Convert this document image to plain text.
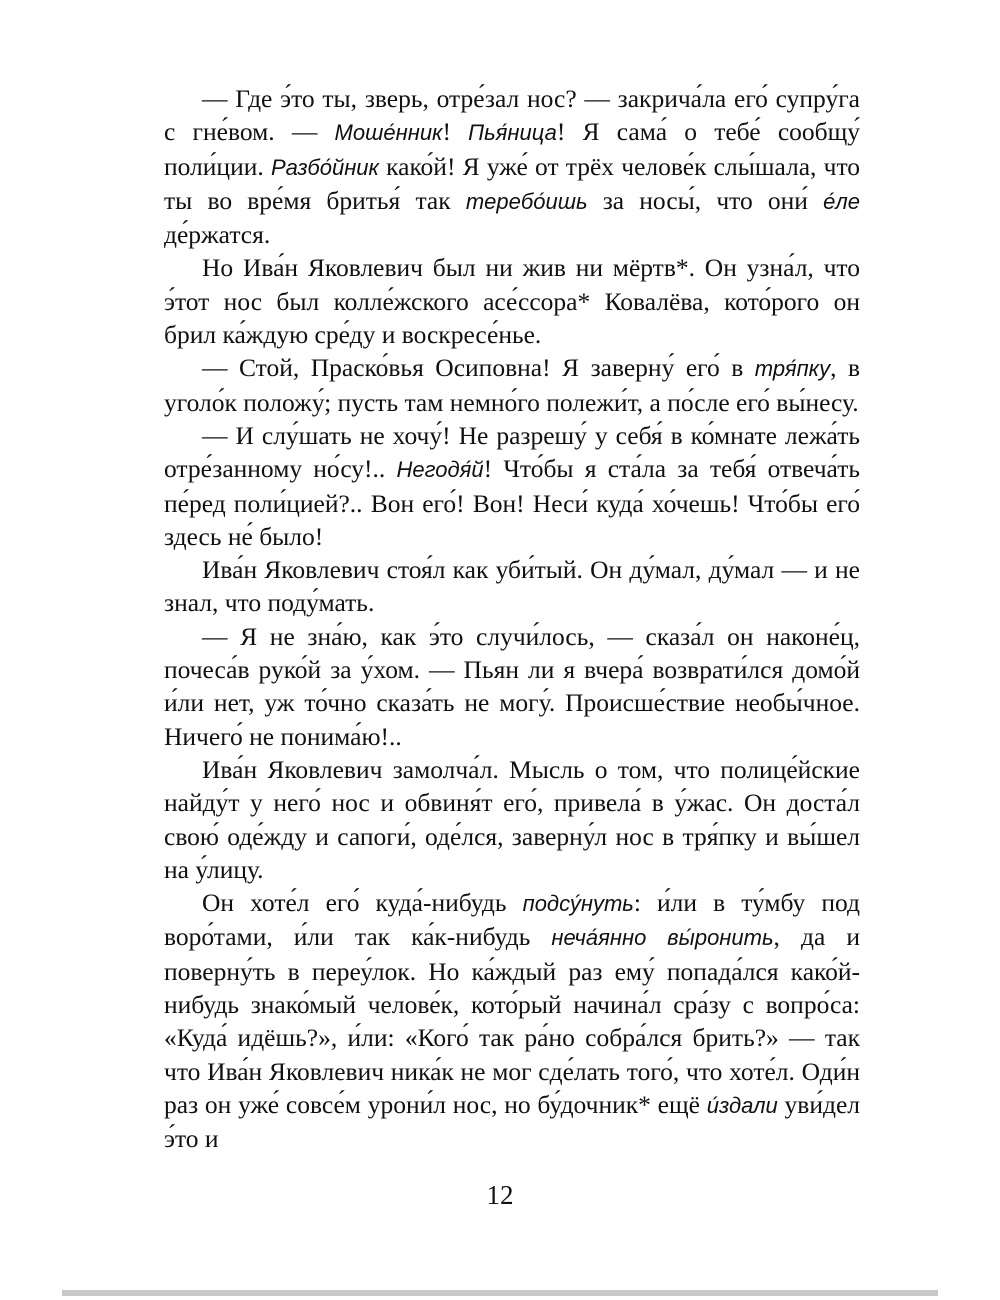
— Где э́то ты, зверь, отре́зал нос? — закрича́ла его́ супру́га с гне́вом. — Моше́нник! Пья́ница! Я сама́ о тебе́ сообщу́ поли́ции. Разбо́йник како́й! Я уже́ от трёх челове́к слы́шала, что ты во вре́мя бритья́ так теребо́ишь за носы́, что они́ е́ле де́ржатся.

Но Ива́н Яковлевич был ни жив ни мёртв*. Он узна́л, что э́тот нос был колле́жского асе́ссора* Ковалёва, кото́рого он брил ка́ждую сре́ду и воскресе́нье.

— Стой, Праско́вья Осиповна! Я заверну́ его́ в тря́пку, в уголо́к положу́; пусть там немно́го полежи́т, а по́сле его́ вы́несу.

— И слу́шать не хочу́! Не разрешу́ у себя́ в ко́мнате лежа́ть отре́занному но́су!.. Негодя́й! Что́бы я ста́ла за тебя́ отвеча́ть пе́ред поли́цией?.. Вон его́! Вон! Неси́ куда́ хо́чешь! Что́бы его́ здесь не́ было!

Ива́н Яковлевич стоя́л как уби́тый. Он ду́мал, ду́мал — и не знал, что поду́мать.

— Я не зна́ю, как э́то случи́лось, — сказа́л он наконе́ц, почеса́в руко́й за у́хом. — Пьян ли я вчера́ возврати́лся домо́й и́ли нет, уж то́чно сказа́ть не могу́. Происше́ствие необы́чное. Ничего́ не понима́ю!..

Ива́н Яковлевич замолча́л. Мысль о том, что полице́йские найду́т у него́ нос и обвиня́т его́, привела́ в у́жас. Он доста́л свою́ оде́жду и сапоги́, оде́лся, заверну́л нос в тря́пку и вы́шел на у́лицу.

Он хоте́л его́ куда́-нибудь подсу́нуть: и́ли в ту́мбу под воро́тами, и́ли так ка́к-нибудь неча́янно вы́ронить, да и поверну́ть в переу́лок. Но ка́ждый раз ему́ попада́лся како́й-нибудь знако́мый челове́к, кото́рый начина́л сра́зу с вопро́са: «Куда́ идёшь?», и́ли: «Кого́ так ра́но собра́лся брить?» — так что Ива́н Яковлевич ника́к не мог сде́лать того́, что хоте́л. Оди́н раз он уже́ совсе́м урони́л нос, но бу́дочник* ещё и́здали уви́дел э́то и

12
